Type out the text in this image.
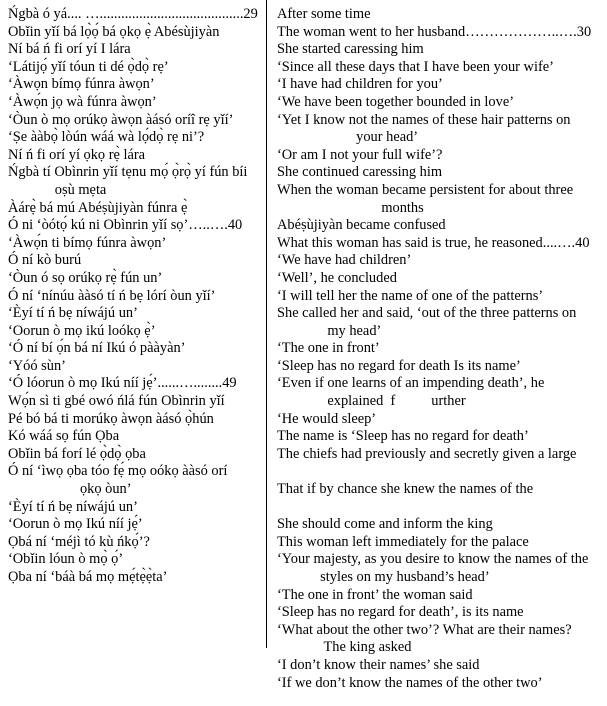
Ńgbà ó yá.... …........................................29
Obǐin yǐí bá lọ̀ọ́ bá ọkọ ẹ̀ Abésùjiyàn
Ní bá ń fi orí yí I lára
‘Látijọ́ yǐí tóun ti dé ọ̀dọ̀ rẹ’
‘Àwọn bímọ fúnra àwọn’
‘Àwọ́n jọ wà fúnra àwọn’
‘Òun ò mọ orúkọ àwọn àásó oríî rẹ yǐí’
‘Ṣe ààbọ̀ lòún wáá wà lọ́dọ̀ rẹ ni’?
Ní ń fi orí yí ọkọ rẹ̀ lára
Ńgbà tí Obìnrin yǐí tẹnu mọ́ ọ̀rọ̀ yí fún bíi
oṣù mẹta
Àárẹ̀ bá mú Abéṣùjiyàn fúnra ẹ̀
Ó ni ‘òótọ́ kú ni Obìnrin yǐí sọ’…..….40
‘Àwọ́n ti bímọ fúnra àwọn’
Ó ní kò burú
‘Òun ó sọ orúkọ rẹ̀ fún un’
Ó ní ‘nínúu ààsó tí ń bẹ lórí òun yǐí’
‘Èyí tí ń bẹ níwájú un’
‘Oorun ò mọ ikú loókọ ẹ̀’
‘Ó ní bí ọ́n bá ní Ikú ó pààyàn’
‘Yóó sùn’
‘Ó lóorun ò mọ Ikú níí jẹ́’......…........49
Wọ́n sì ti gbé owó ńlá fún Obìnrin yǐí
Pé bó bá ti morúkọ àwọn àásó ọ̀hún
Kó wáá sọ fún Ọba
Obǐin bá forí lé ọ̀dọ̀ ọba
Ó ní ‘ìwọ ọba tóo fẹ́ mọ oókọ ààsó orí
ọkọ òun’
‘Èyí tí ń bẹ níwájú un’
‘Oorun ò mọ Ikú níí jẹ́’
Ọbá ní ‘méjì tó kù ńkọ́’?
‘Obǐin lóun ò mọ̀ ọ́’
Ọba ní ‘báà bá mọ mẹ́tẹ̀ẹ̀ta’
After some time
The woman went to her husband………………..….30
She started caressing him
‘Since all these days that I have been your wife’
‘I have had children for you’
‘We have been together bounded in love’
‘Yet I know not the names of these hair patterns on
your head’
‘Or am I not your full wife’?
She continued caressing him
When the woman became persistent for about three
months
Abéṣùjiyàn became confused
What this woman has said is true, he reasoned....….40
‘We have had children’
‘Well’, he concluded
‘I will tell her the name of one of the patterns’
She called her and said, ‘out of the three patterns on
my head’
‘The one in front’
‘Sleep has no regard for death Is its name’
‘Even if one learns of an impending death’, he
explained  f          urther
‘He would sleep’
The name is ‘Sleep has no regard for death’
The chiefs had previously and secretly given a large
That if by chance she knew the names of the
She should come and inform the king
This woman left immediately for the palace
‘Your majesty, as you desire to know the names of the
styles on my husband’s head’
‘The one in front’ the woman said
‘Sleep has no regard for death’, is its name
‘What about the other two’? What are their names?
The king asked
‘I don’t know their names’ she said
‘If we don’t know the names of the other two’
